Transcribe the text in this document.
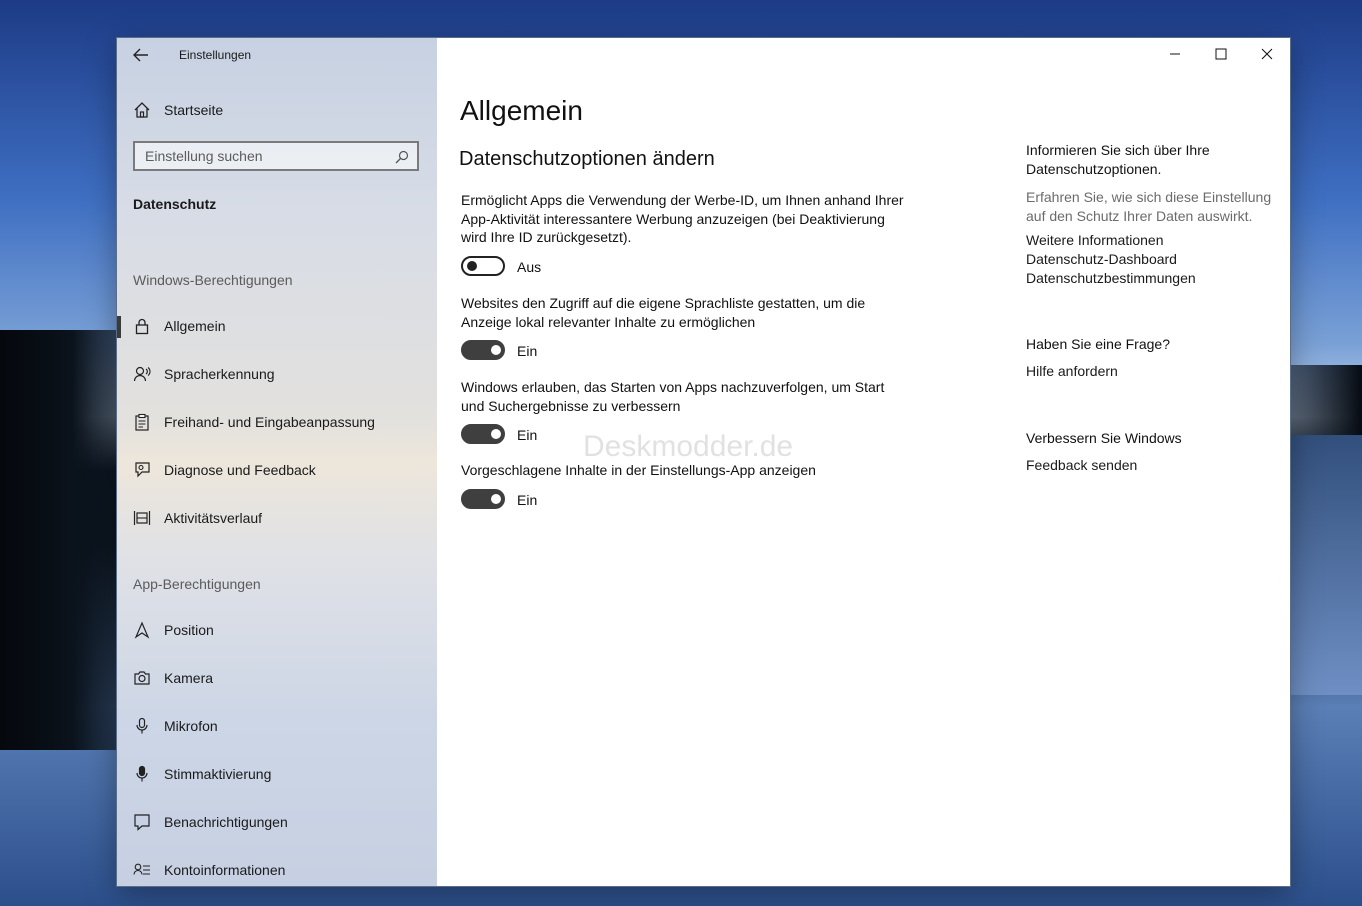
Einstellungen
Startseite
Einstellung suchen
Datenschutz
Windows-Berechtigungen
Allgemein
Spracherkennung
Freihand- und Eingabeanpassung
Diagnose und Feedback
Aktivitätsverlauf
App-Berechtigungen
Position
Kamera
Mikrofon
Stimmaktivierung
Benachrichtigungen
Kontoinformationen
Allgemein
Datenschutzoptionen ändern
Ermöglicht Apps die Verwendung der Werbe-ID, um Ihnen anhand Ihrer App-Aktivität interessantere Werbung anzuzeigen (bei Deaktivierung wird Ihre ID zurückgesetzt).
Aus
Websites den Zugriff auf die eigene Sprachliste gestatten, um die Anzeige lokal relevanter Inhalte zu ermöglichen
Ein
Windows erlauben, das Starten von Apps nachzuverfolgen, um Start und Suchergebnisse zu verbessern
Ein Deskmodder.de
Vorgeschlagene Inhalte in der Einstellungs-App anzeigen
Ein
Informieren Sie sich über Ihre Datenschutzoptionen.
Erfahren Sie, wie sich diese Einstellung auf den Schutz Ihrer Daten auswirkt.
Weitere Informationen
Datenschutz-Dashboard
Datenschutzbestimmungen
Haben Sie eine Frage?
Hilfe anfordern
Verbessern Sie Windows
Feedback senden
